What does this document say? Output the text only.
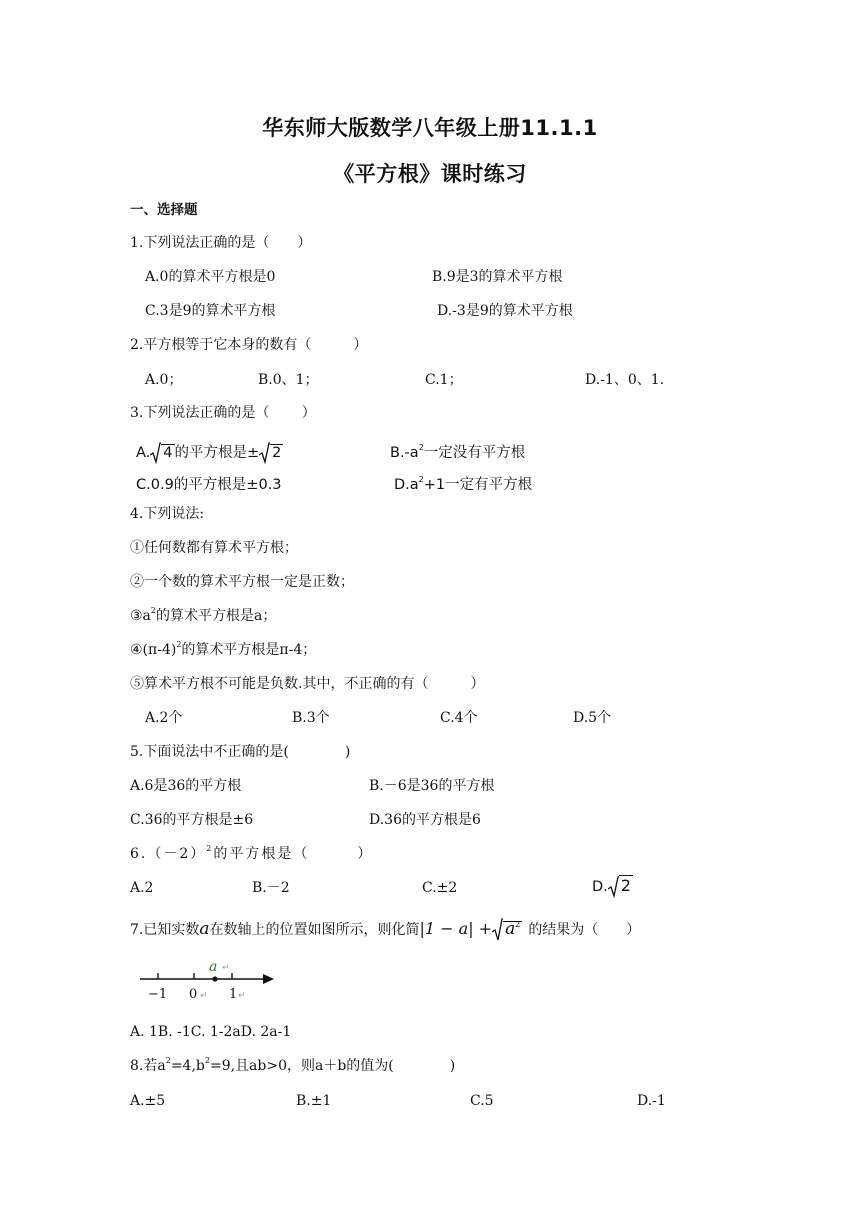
华东师大版数学八年级上册11.1.1
《平方根》课时练习
一、选择题
1.下列说法正确的是（　　）
A.0的算术平方根是0	B.9是3的算术平方根
C.3是9的算术平方根	D.-3是9的算术平方根
2.平方根等于它本身的数有（　　　）
A.0；	B.0、1；	C.1；	D.-1、0、1.
3.下列说法正确的是（　　 ）
A. 4 的平方根是± 2	$B.-a^2$一定没有平方根
C.0.9的平方根是±0.3	$D.a^2+1$一定有平方根
4.下列说法:
①任何数都有算术平方根；
②一个数的算术平方根一定是正数；
$③a^2$的算术平方根是a；
$④(\pi-4)^2$的算术平方根是π-4；
⑤算术平方根不可能是负数.其中，不正确的有（　　　）
A.2个	B.3个	C.4个	D.5个
5.下面说法中不正确的是(　　　　)
A.6是36的平方根	B.－6是36的平方根
C.36的平方根是±6	D.36的平方根是6
$6.(-2)^2$的平方根是（　　　）
A.2	B.－2	C.±2	D. 2
7.已知实数a在数轴上的位置如图所示，则化简$|1 - a| + a^2$ 的结果为（　　）
a ↵
−1 0 ↵ 1 ↵
A. 1B. -1C. 1-2aD. 2a-1
8.若$a^2=4,b^2=9$,且ab>0，则a＋b的值为(　　　　)
A.±5	B.±1	C.5	D.-1
